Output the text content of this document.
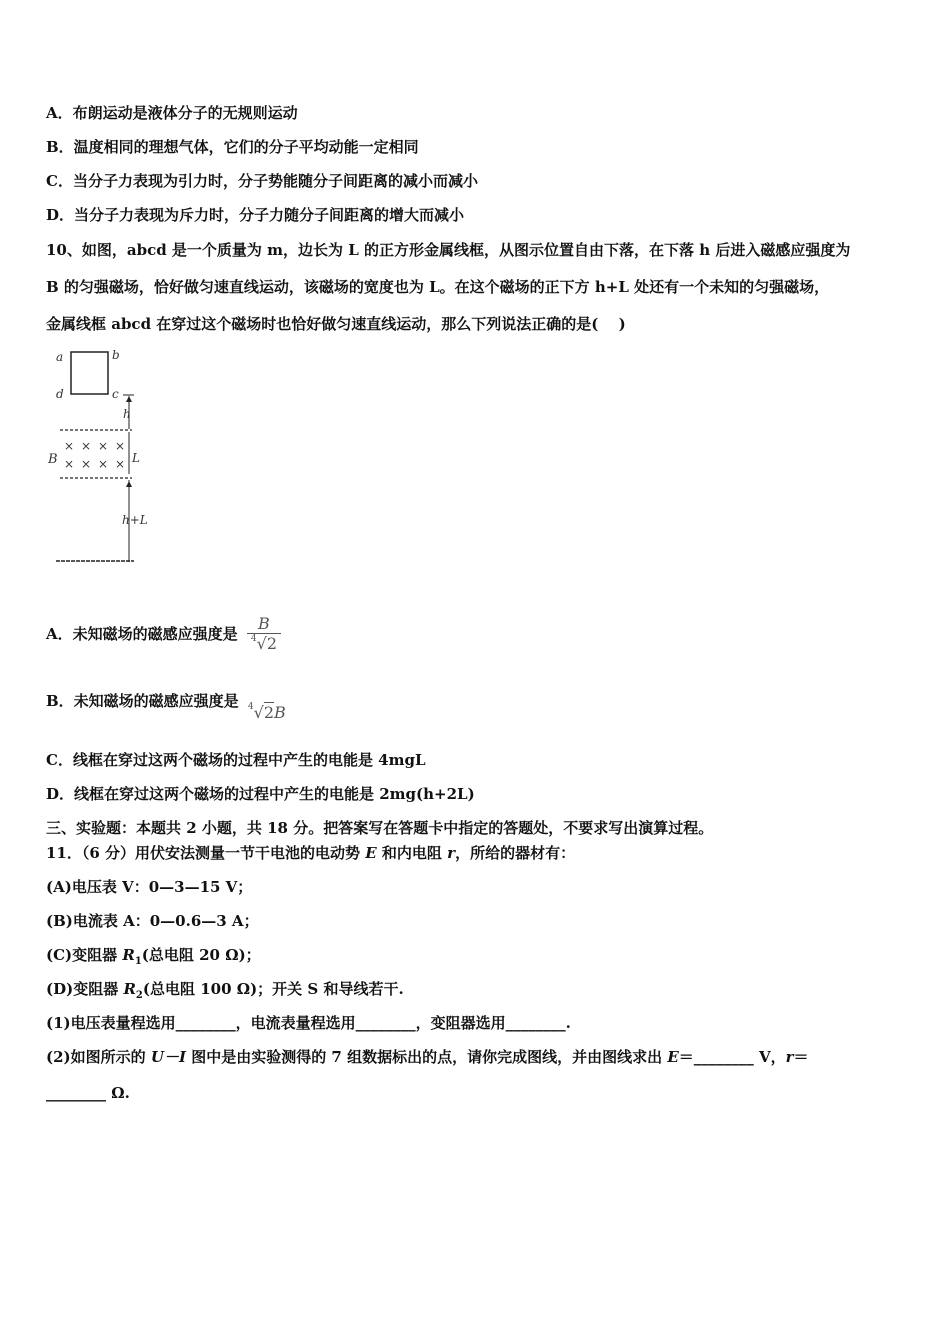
A．布朗运动是液体分子的无规则运动
B．温度相同的理想气体，它们的分子平均动能一定相同
C．当分子力表现为引力时，分子势能随分子间距离的减小而减小
D．当分子力表现为斥力时，分子力随分子间距离的增大而减小
10、如图，abcd 是一个质量为 m，边长为 L 的正方形金属线框，从图示位置自由下落，在下落 h 后进入磁感应强度为
B 的匀强磁场，恰好做匀速直线运动，该磁场的宽度也为 L。在这个磁场的正下方 h+L 处还有一个未知的匀强磁场，
金属线框 abcd 在穿过这个磁场时也恰好做匀速直线运动，那么下列说法正确的是(　 )
a	b
d	c
h
× × × ×
× × × ×
B	L
h+L
A．未知磁场的磁感应强度是 $\frac{B}{^4√2}$
B．未知磁场的磁感应强度是 $^4$√2B
C．线框在穿过这两个磁场的过程中产生的电能是 4mgL
D．线框在穿过这两个磁场的过程中产生的电能是 2mg(h+2L)
三、实验题：本题共 2 小题，共 18 分。把答案写在答题卡中指定的答题处，不要求写出演算过程。
11．（6 分）用伏安法测量一节干电池的电动势 E 和内电阻 r，所给的器材有：
(A)电压表 V：0—3—15 V；
(B)电流表 A：0—0.6—3 A；
(C)变阻器 $R_1$(总电阻 20 Ω)；
(D)变阻器 $R_2$(总电阻 100 Ω)；开关 S 和导线若干.
(1)电压表量程选用________，电流表量程选用________，变阻器选用________.
(2)如图所示的 U－I 图中是由实验测得的 7 组数据标出的点，请你完成图线，并由图线求出 E＝________ V，r＝
________ Ω.
